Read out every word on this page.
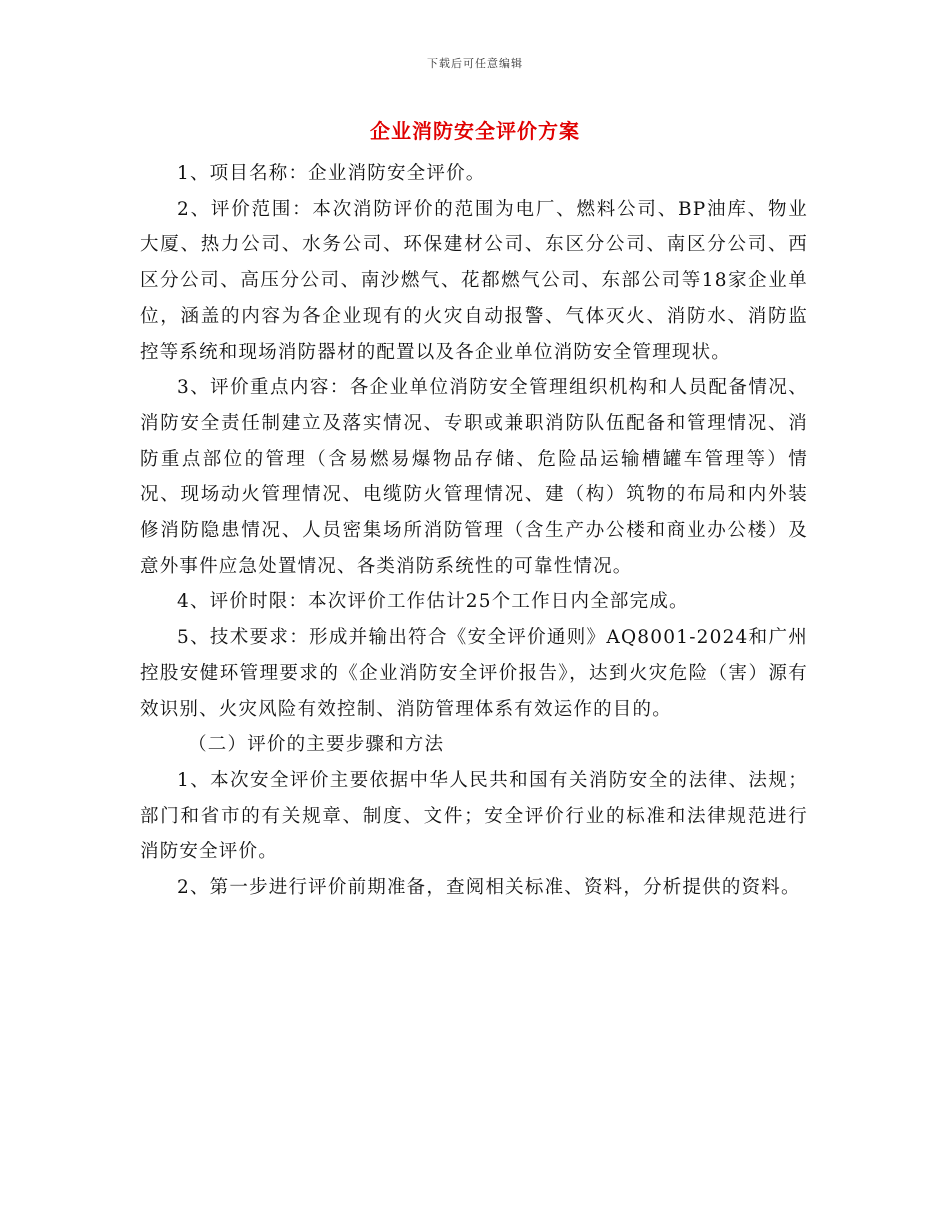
下载后可任意编辑
企业消防安全评价方案

1、项目名称：企业消防安全评价。

2、评价范围：本次消防评价的范围为电厂、燃料公司、BP油库、物业大厦、热力公司、水务公司、环保建材公司、东区分公司、南区分公司、西区分公司、高压分公司、南沙燃气、花都燃气公司、东部公司等18家企业单位，涵盖的内容为各企业现有的火灾自动报警、气体灭火、消防水、消防监控等系统和现场消防器材的配置以及各企业单位消防安全管理现状。

3、评价重点内容：各企业单位消防安全管理组织机构和人员配备情况、消防安全责任制建立及落实情况、专职或兼职消防队伍配备和管理情况、消防重点部位的管理（含易燃易爆物品存储、危险品运输槽罐车管理等）情况、现场动火管理情况、电缆防火管理情况、建（构）筑物的布局和内外装修消防隐患情况、人员密集场所消防管理（含生产办公楼和商业办公楼）及意外事件应急处置情况、各类消防系统性的可靠性情况。

4、评价时限：本次评价工作估计25个工作日内全部完成。

5、技术要求：形成并输出符合《安全评价通则》AQ8001-2024和广州控股安健环管理要求的《企业消防安全评价报告》，达到火灾危险（害）源有效识别、火灾风险有效控制、消防管理体系有效运作的目的。

（二）评价的主要步骤和方法

1、本次安全评价主要依据中华人民共和国有关消防安全的法律、法规；部门和省市的有关规章、制度、文件；安全评价行业的标准和法律规范进行消防安全评价。

2、第一步进行评价前期准备，查阅相关标准、资料，分析提供的资料。
